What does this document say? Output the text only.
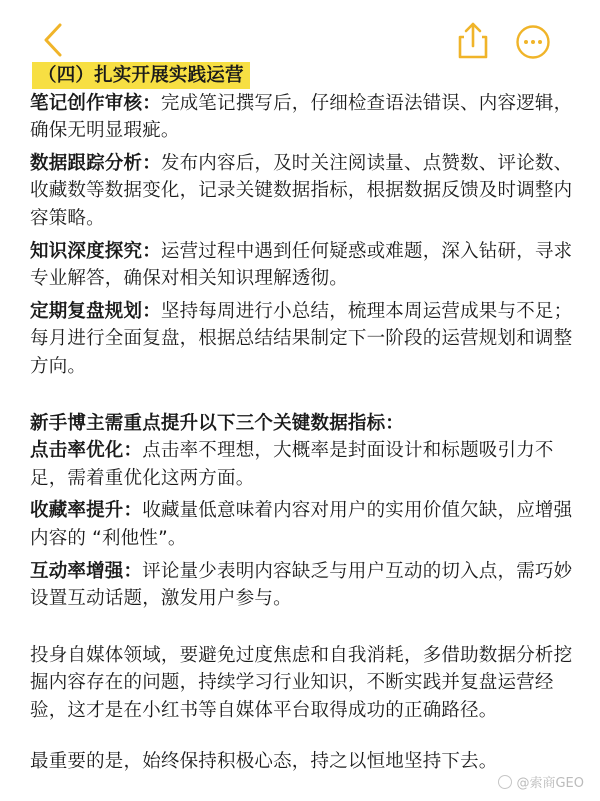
（四）扎实开展实践运营

笔记创作审核：完成笔记撰写后，仔细检查语法错误、内容逻辑，确保无明显瑕疵。

数据跟踪分析：发布内容后，及时关注阅读量、点赞数、评论数、收藏数等数据变化，记录关键数据指标，根据数据反馈及时调整内容策略。

知识深度探究：运营过程中遇到任何疑惑或难题，深入钻研，寻求专业解答，确保对相关知识理解透彻。

定期复盘规划：坚持每周进行小总结，梳理本周运营成果与不足；每月进行全面复盘，根据总结结果制定下一阶段的运营规划和调整方向。

新手博主需重点提升以下三个关键数据指标：

点击率优化：点击率不理想，大概率是封面设计和标题吸引力不足，需着重优化这两方面。

收藏率提升：收藏量低意味着内容对用户的实用价值欠缺，应增强内容的 “利他性”。

互动率增强：评论量少表明内容缺乏与用户互动的切入点，需巧妙设置互动话题，激发用户参与。

投身自媒体领域，要避免过度焦虑和自我消耗，多借助数据分析挖掘内容存在的问题，持续学习行业知识，不断实践并复盘运营经验，这才是在小红书等自媒体平台取得成功的正确路径。

最重要的是，始终保持积极心态，持之以恒地坚持下去。

@索商GEO
